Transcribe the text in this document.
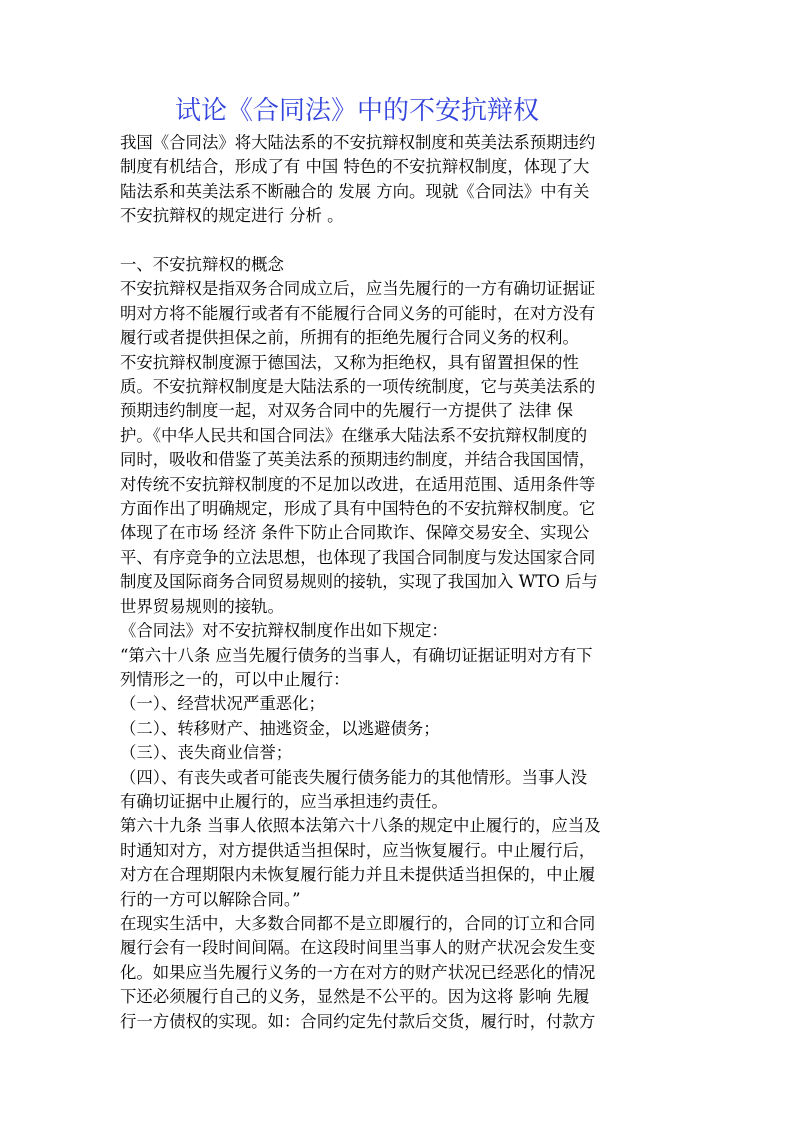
试论《合同法》中的不安抗辩权
我国《合同法》将大陆法系的不安抗辩权制度和英美法系预期违约
制度有机结合，形成了有 中国 特色的不安抗辩权制度，体现了大
陆法系和英美法系不断融合的 发展 方向。现就《合同法》中有关
不安抗辩权的规定进行 分析 。
一、不安抗辩权的概念
不安抗辩权是指双务合同成立后，应当先履行的一方有确切证据证
明对方将不能履行或者有不能履行合同义务的可能时，在对方没有
履行或者提供担保之前，所拥有的拒绝先履行合同义务的权利。
不安抗辩权制度源于德国法，又称为拒绝权，具有留置担保的性
质。不安抗辩权制度是大陆法系的一项传统制度，它与英美法系的
预期违约制度一起，对双务合同中的先履行一方提供了 法律 保
护。《中华人民共和国合同法》在继承大陆法系不安抗辩权制度的
同时，吸收和借鉴了英美法系的预期违约制度，并结合我国国情，
对传统不安抗辩权制度的不足加以改进，在适用范围、适用条件等
方面作出了明确规定，形成了具有中国特色的不安抗辩权制度。它
体现了在市场 经济 条件下防止合同欺诈、保障交易安全、实现公
平、有序竞争的立法思想，也体现了我国合同制度与发达国家合同
制度及国际商务合同贸易规则的接轨，实现了我国加入 WTO 后与
世界贸易规则的接轨。
《合同法》对不安抗辩权制度作出如下规定：
“第六十八条 应当先履行债务的当事人，有确切证据证明对方有下
列情形之一的，可以中止履行：
（一）、经营状况严重恶化；
（二）、转移财产、抽逃资金，以逃避债务；
（三）、丧失商业信誉；
（四）、有丧失或者可能丧失履行债务能力的其他情形。当事人没
有确切证据中止履行的，应当承担违约责任。
第六十九条 当事人依照本法第六十八条的规定中止履行的，应当及
时通知对方，对方提供适当担保时，应当恢复履行。中止履行后，
对方在合理期限内未恢复履行能力并且未提供适当担保的，中止履
行的一方可以解除合同。”
在现实生活中，大多数合同都不是立即履行的，合同的订立和合同
履行会有一段时间间隔。在这段时间里当事人的财产状况会发生变
化。如果应当先履行义务的一方在对方的财产状况已经恶化的情况
下还必须履行自己的义务，显然是不公平的。因为这将 影响 先履
行一方债权的实现。如：合同约定先付款后交货，履行时，付款方
